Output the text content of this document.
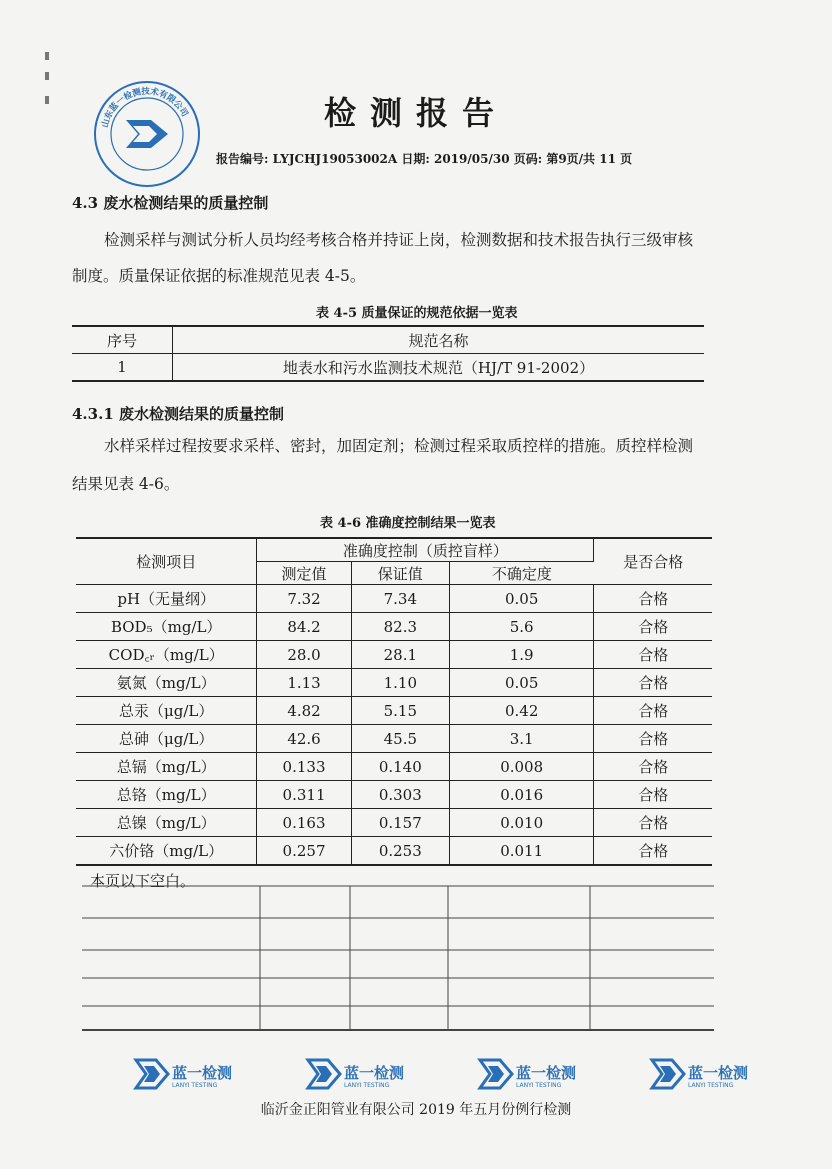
山东蓝一检测技术有限公司	检测报告
报告编号: LYJCHJ19053002A 日期: 2019/05/30 页码: 第9页/共 11 页
4.3 废水检测结果的质量控制
检测采样与测试分析人员均经考核合格并持证上岗，检测数据和技术报告执行三级审核
制度。质量保证依据的标准规范见表 4-5。
表 4-5 质量保证的规范依据一览表
序号	规范名称
1	地表水和污水监测技术规范（HJ/T 91-2002）
4.3.1 废水检测结果的质量控制
水样采样过程按要求采样、密封，加固定剂；检测过程采取质控样的措施。质控样检测
结果见表 4-6。
表 4-6 准确度控制结果一览表
检测项目	准确度控制（质控盲样）			是否合格
	测定值	保证值	不确定度	
pH（无量纲）	7.32	7.34	0.05	合格
BOD₅（mg/L）	84.2	82.3	5.6	合格
COD꜀ᵣ（mg/L）	28.0	28.1	1.9	合格
氨氮（mg/L）	1.13	1.10	0.05	合格
总汞（μg/L）	4.82	5.15	0.42	合格
总砷（μg/L）	42.6	45.5	3.1	合格
总镉（mg/L）	0.133	0.140	0.008	合格
总铬（mg/L）	0.311	0.303	0.016	合格
总镍（mg/L）	0.163	0.157	0.010	合格
六价铬（mg/L）	0.257	0.253	0.011	合格
本页以下空白。
蓝一检测	蓝一检测	蓝一检测	蓝一检测
LANYI TESTING	LANYI TESTING	LANYI TESTING	LANYI TESTING
临沂金正阳管业有限公司 2019 年五月份例行检测
